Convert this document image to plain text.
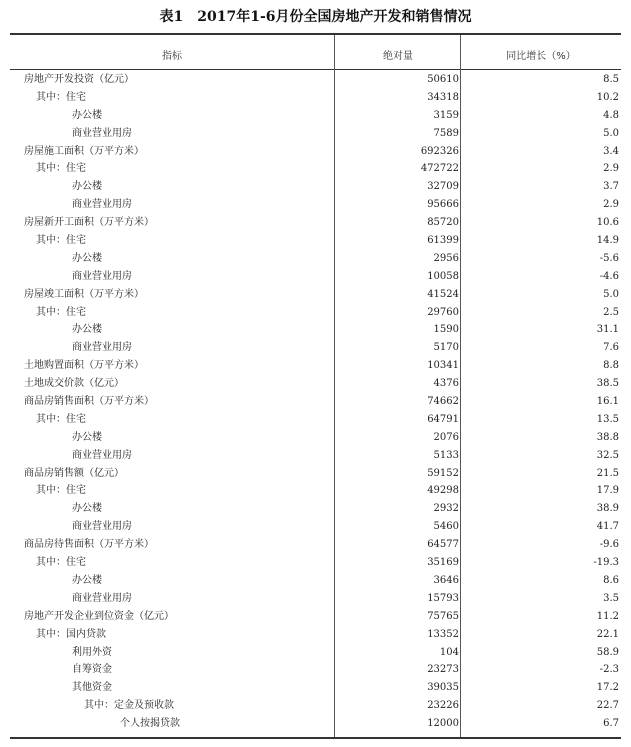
表1　2017年1-6月份全国房地产开发和销售情况
指标	绝对量	同比增长（%）
房地产开发投资（亿元）	50610	8.5
其中：住宅	34318	10.2
办公楼	3159	4.8
商业营业用房	7589	5.0
房屋施工面积（万平方米）	692326	3.4
其中：住宅	472722	2.9
办公楼	32709	3.7
商业营业用房	95666	2.9
房屋新开工面积（万平方米）	85720	10.6
其中：住宅	61399	14.9
办公楼	2956	-5.6
商业营业用房	10058	-4.6
房屋竣工面积（万平方米）	41524	5.0
其中：住宅	29760	2.5
办公楼	1590	31.1
商业营业用房	5170	7.6
土地购置面积（万平方米）	10341	8.8
土地成交价款（亿元）	4376	38.5
商品房销售面积（万平方米）	74662	16.1
其中：住宅	64791	13.5
办公楼	2076	38.8
商业营业用房	5133	32.5
商品房销售额（亿元）	59152	21.5
其中：住宅	49298	17.9
办公楼	2932	38.9
商业营业用房	5460	41.7
商品房待售面积（万平方米）	64577	-9.6
其中：住宅	35169	-19.3
办公楼	3646	8.6
商业营业用房	15793	3.5
房地产开发企业到位资金（亿元）	75765	11.2
其中：国内贷款	13352	22.1
利用外资	104	58.9
自筹资金	23273	-2.3
其他资金	39035	17.2
其中：定金及预收款	23226	22.7
个人按揭贷款	12000	6.7
